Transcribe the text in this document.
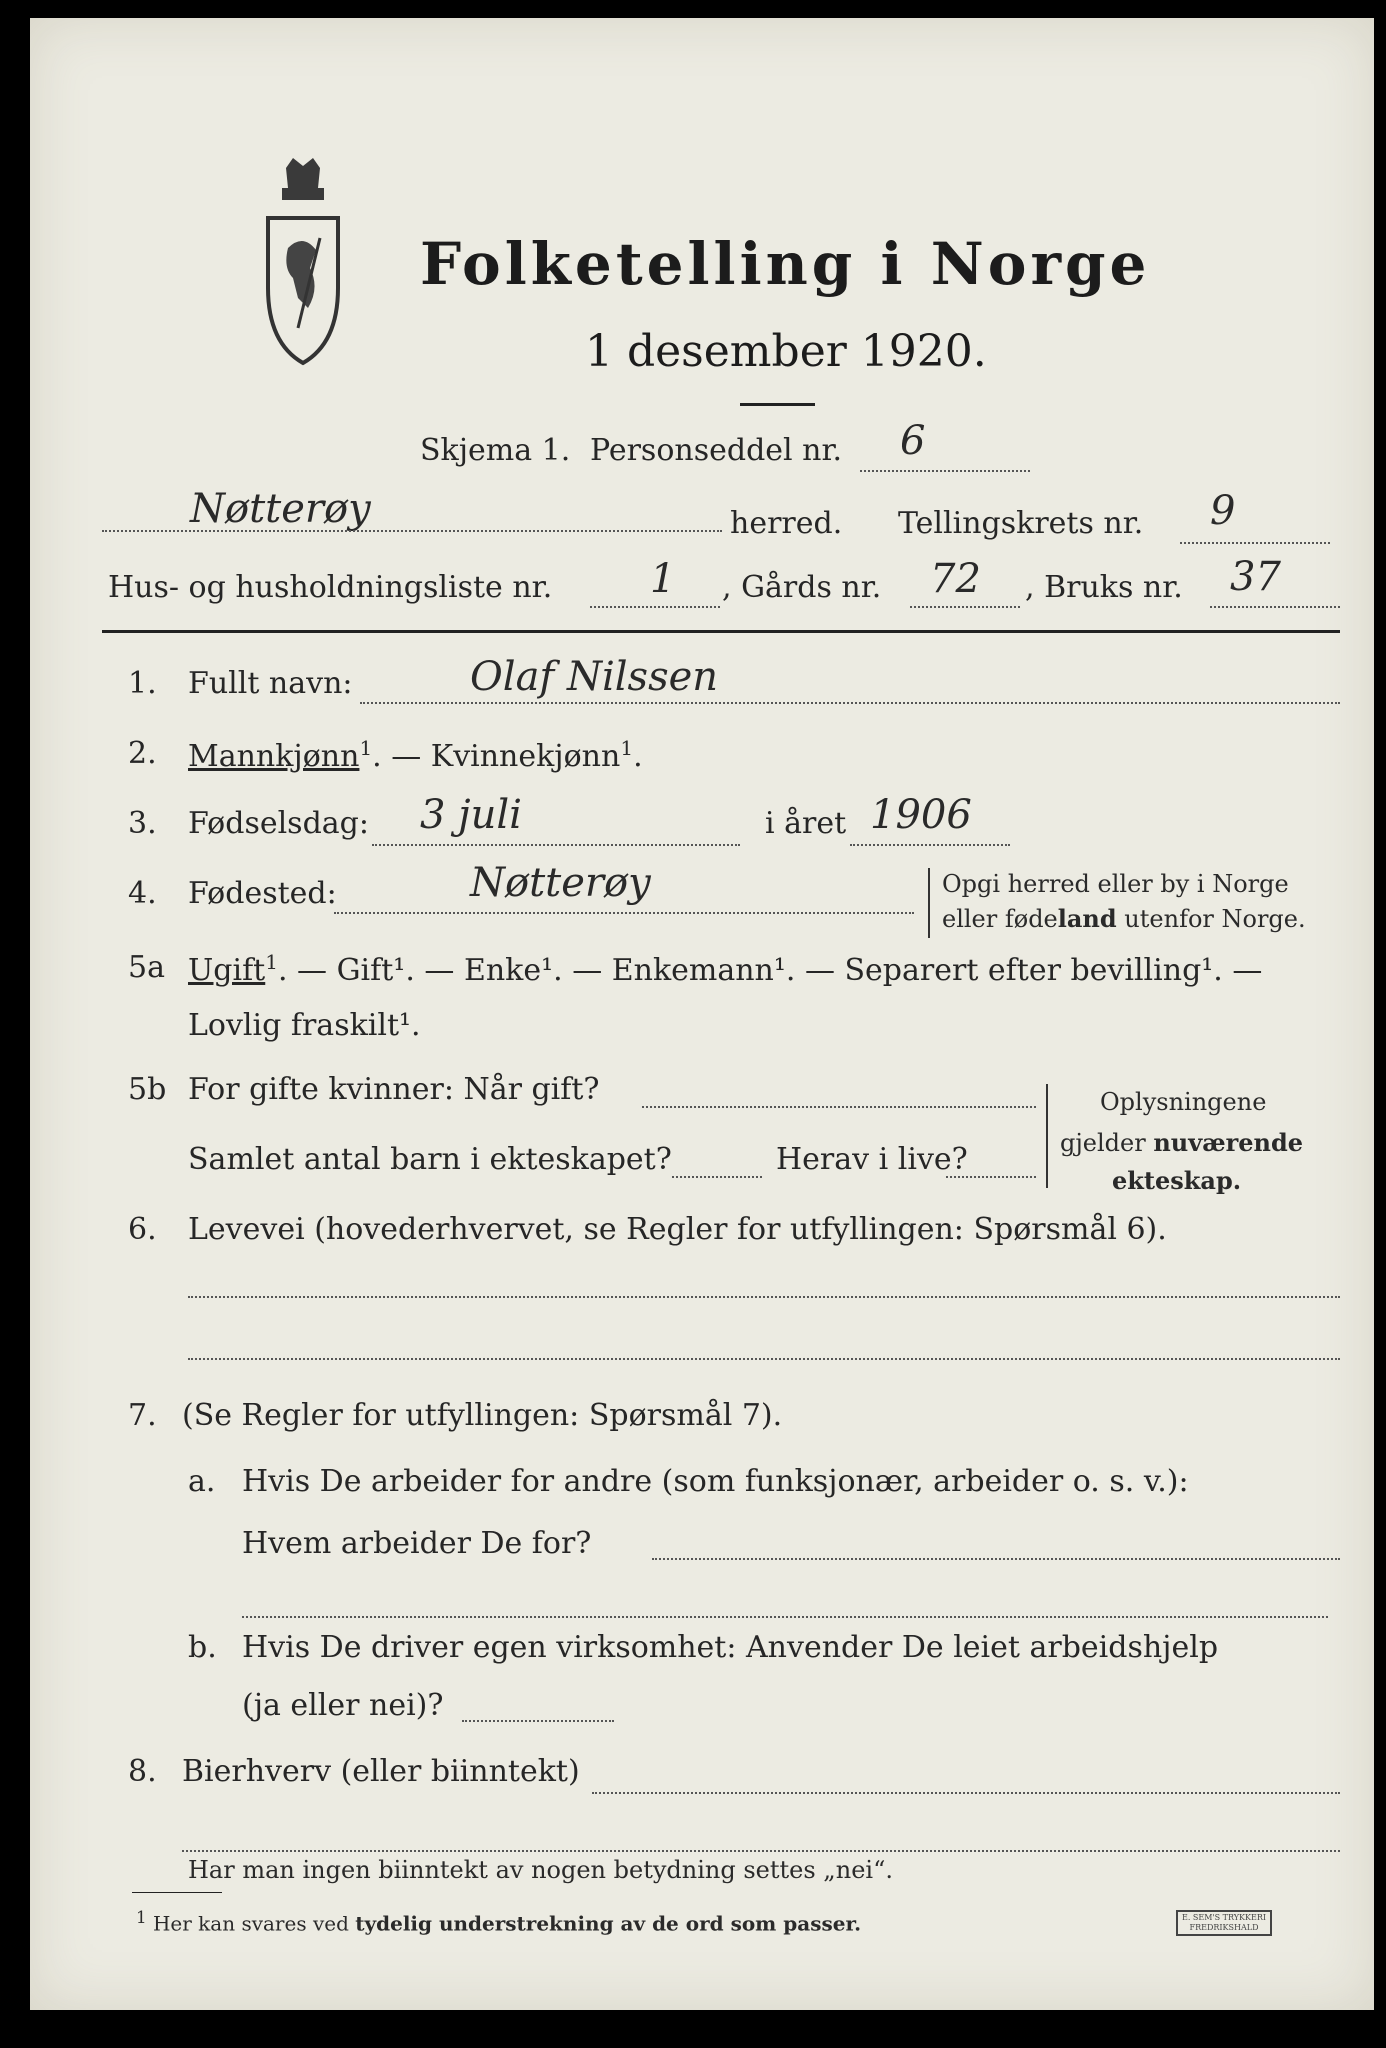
Folketelling i Norge
1 desember 1920.
Skjema 1. Personseddel nr. 6
Nøtterøy	herred. Tellingskrets nr. 9
Hus- og husholdningsliste nr. 1 , Gårds nr. 72 , Bruks nr. 37
1. Fullt navn:	Olaf Nilssen
2. Mannkjønn$^1$. — Kvinnekjønn$^1$.
3. Fødselsdag: 3 juli	i året 1906
4. Fødested:	Nøtterøy	Opgi herred eller by i Norge
eller fødeland utenfor Norge.
5a Ugift$^1$. — Gift¹. — Enke¹. — Enkemann¹. — Separert efter bevilling¹. —
Lovlig fraskilt¹.
5b For gifte kvinner: Når gift?
Samlet antal barn i ekteskapet?	Herav i live?
Oplysningene
gjelder nuværende
ekteskap.
6. Levevei (hovederhvervet, se Regler for utfyllingen: Spørsmål 6).
7. (Se Regler for utfyllingen: Spørsmål 7).
a. Hvis De arbeider for andre (som funksjonær, arbeider o. s. v.):
Hvem arbeider De for?
b. Hvis De driver egen virksomhet: Anvender De leiet arbeidshjelp
(ja eller nei)?
8. Bierhverv (eller biinntekt)
Har man ingen biinntekt av nogen betydning settes „nei“.
$^1$ Her kan svares ved tydelig understrekning av de ord som passer.	E. SEM'S TRYKKERI
FREDRIKSHALD
